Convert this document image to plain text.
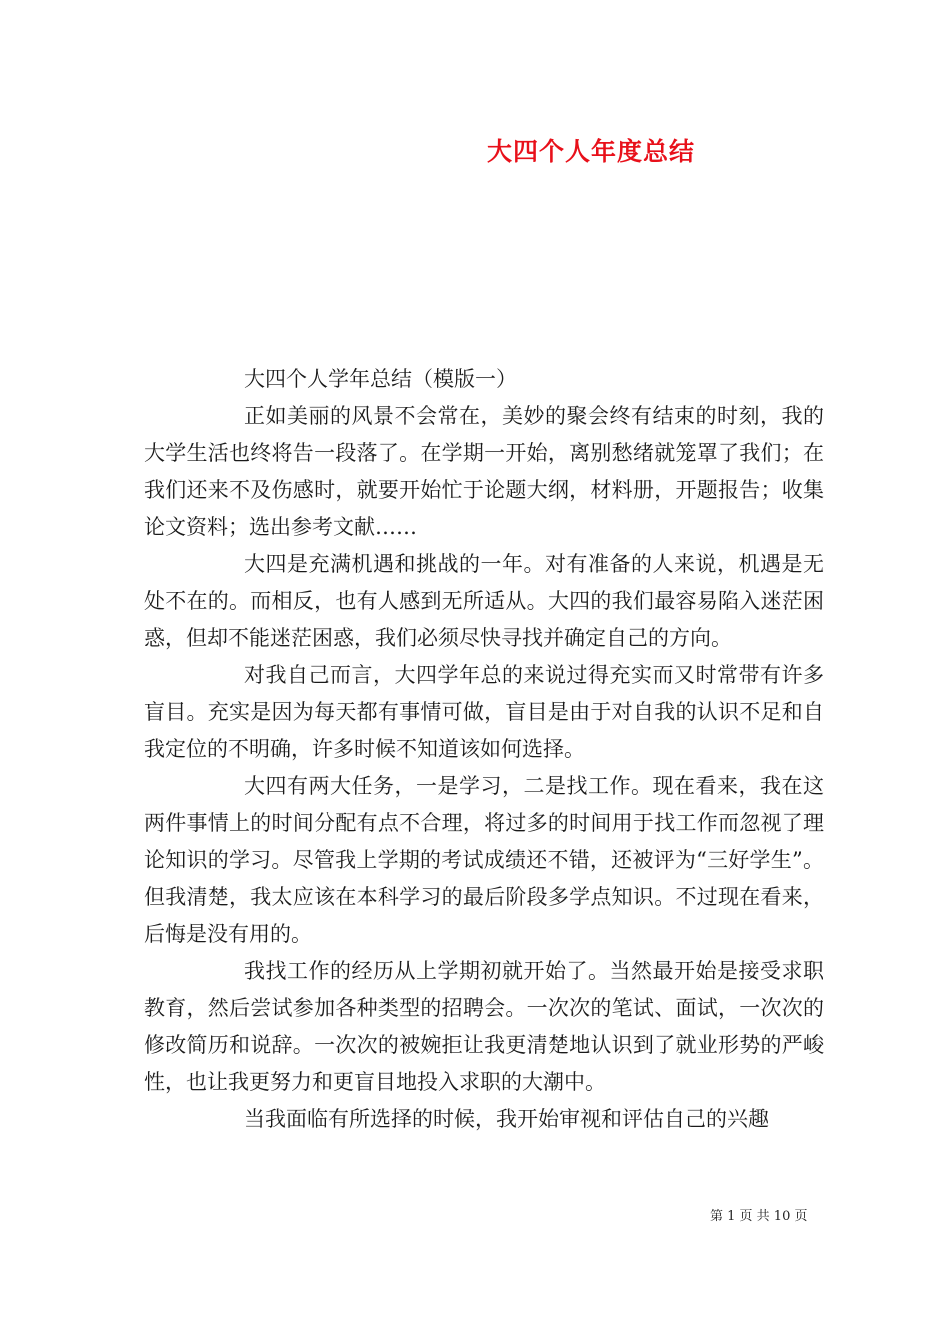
大四个人年度总结

大四个人学年总结（模版一）

正如美丽的风景不会常在，美妙的聚会终有结束的时刻，我的大学生活也终将告一段落了。在学期一开始，离别愁绪就笼罩了我们；在我们还来不及伤感时，就要开始忙于论题大纲，材料册，开题报告；收集论文资料；选出参考文献……

大四是充满机遇和挑战的一年。对有准备的人来说，机遇是无处不在的。而相反，也有人感到无所适从。大四的我们最容易陷入迷茫困惑，但却不能迷茫困惑，我们必须尽快寻找并确定自己的方向。

对我自己而言，大四学年总的来说过得充实而又时常带有许多盲目。充实是因为每天都有事情可做，盲目是由于对自我的认识不足和自我定位的不明确，许多时候不知道该如何选择。

大四有两大任务，一是学习，二是找工作。现在看来，我在这两件事情上的时间分配有点不合理，将过多的时间用于找工作而忽视了理论知识的学习。尽管我上学期的考试成绩还不错，还被评为“三好学生”。但我清楚，我太应该在本科学习的最后阶段多学点知识。不过现在看来，后悔是没有用的。

我找工作的经历从上学期初就开始了。当然最开始是接受求职教育，然后尝试参加各种类型的招聘会。一次次的笔试、面试，一次次的修改简历和说辞。一次次的被婉拒让我更清楚地认识到了就业形势的严峻性，也让我更努力和更盲目地投入求职的大潮中。

当我面临有所选择的时候，我开始审视和评估自己的兴趣

第 1 页 共 10 页
